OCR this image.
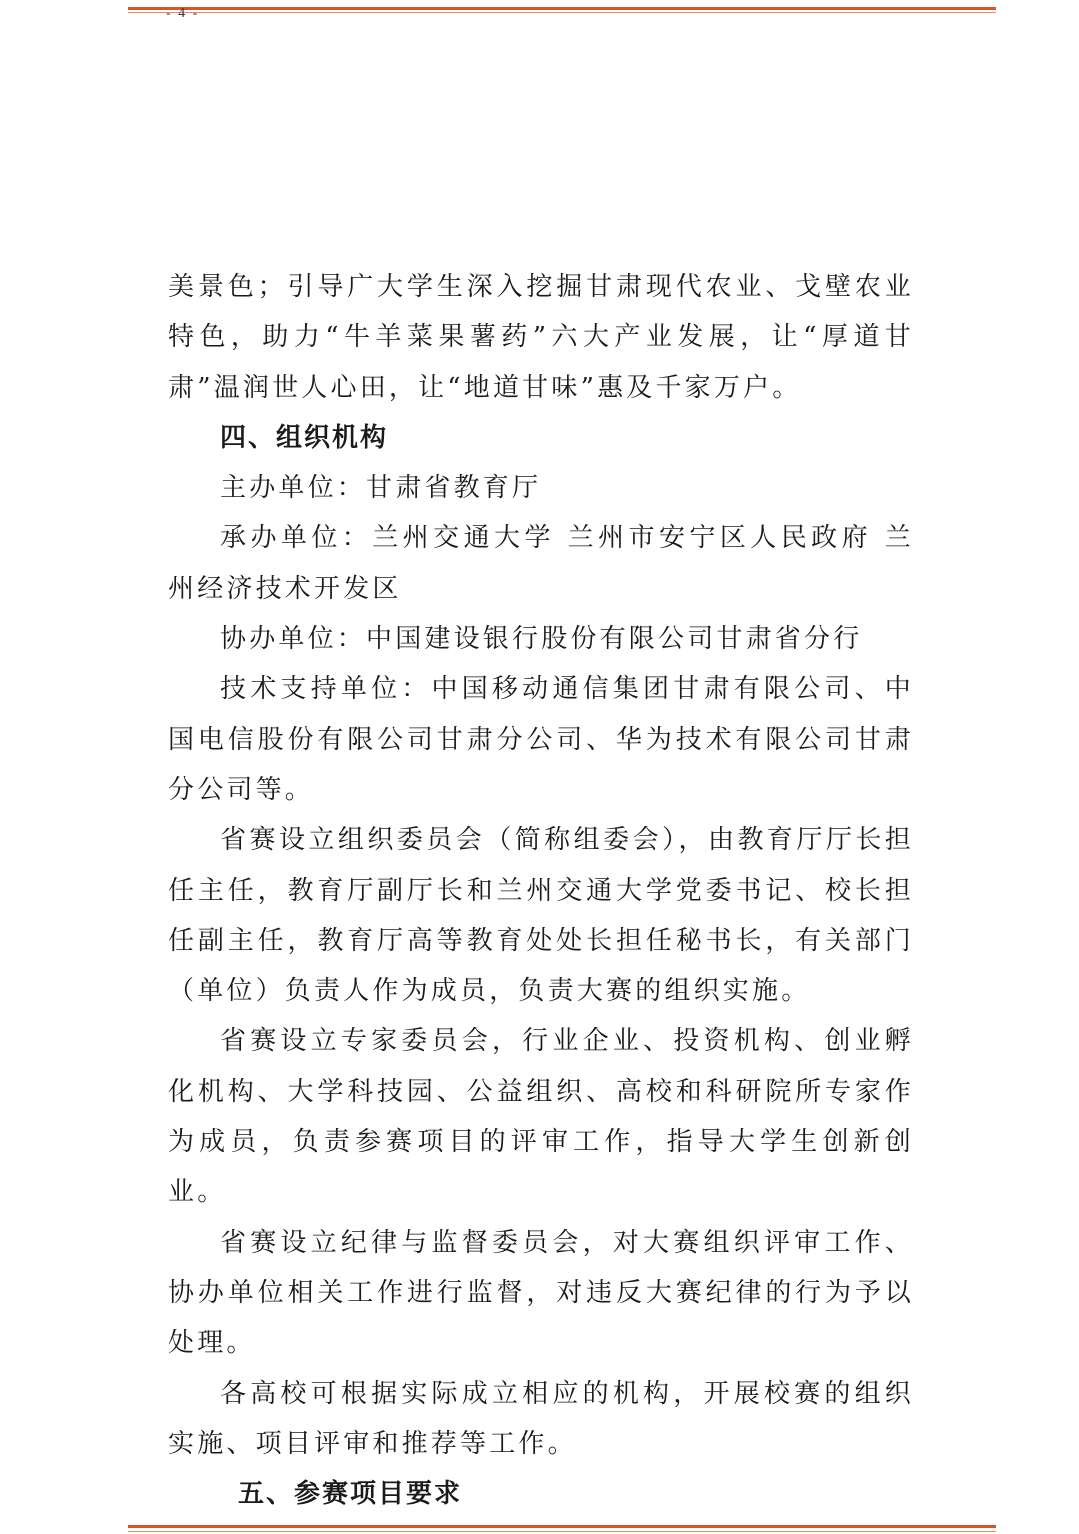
- 4 -

美景色；引导广大学生深入挖掘甘肃现代农业、戈壁农业特色，助力“牛羊菜果薯药”六大产业发展，让“厚道甘肃”温润世人心田，让“地道甘味”惠及千家万户。

四、组织机构

主办单位：甘肃省教育厅

承办单位：兰州交通大学 兰州市安宁区人民政府 兰州经济技术开发区

协办单位：中国建设银行股份有限公司甘肃省分行

技术支持单位：中国移动通信集团甘肃有限公司、中国电信股份有限公司甘肃分公司、华为技术有限公司甘肃分公司等。

省赛设立组织委员会（简称组委会），由教育厅厅长担任主任，教育厅副厅长和兰州交通大学党委书记、校长担任副主任，教育厅高等教育处处长担任秘书长，有关部门（单位）负责人作为成员，负责大赛的组织实施。

省赛设立专家委员会，行业企业、投资机构、创业孵化机构、大学科技园、公益组织、高校和科研院所专家作为成员，负责参赛项目的评审工作，指导大学生创新创业。

省赛设立纪律与监督委员会，对大赛组织评审工作、协办单位相关工作进行监督，对违反大赛纪律的行为予以处理。

各高校可根据实际成立相应的机构，开展校赛的组织实施、项目评审和推荐等工作。

五、参赛项目要求
